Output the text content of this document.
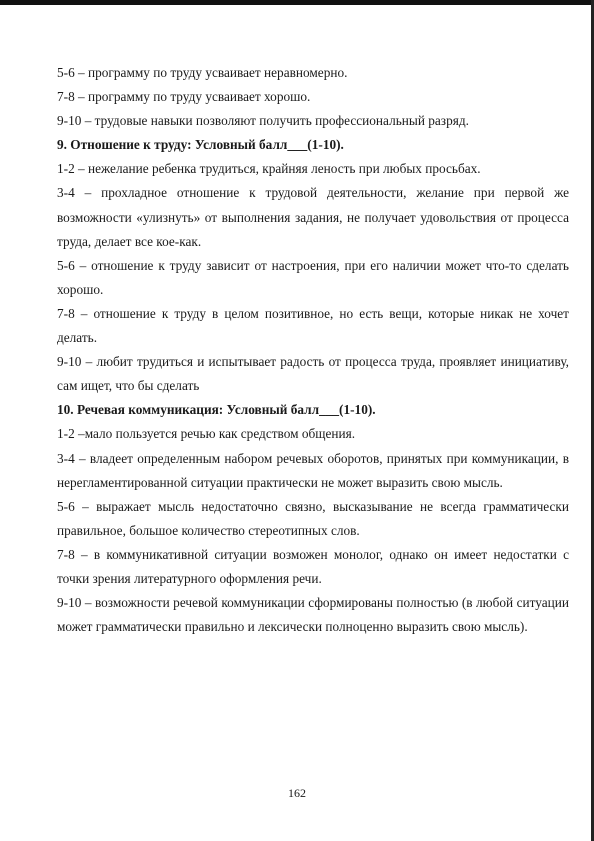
5-6 – программу по труду усваивает неравномерно.

7-8 – программу по труду усваивает хорошо.

9-10 – трудовые навыки позволяют получить профессиональный разряд.

9. Отношение к труду: Условный балл___(1-10).

1-2 – нежелание ребенка трудиться, крайняя леность при любых просьбах.

3-4 – прохладное отношение к трудовой деятельности, желание при первой же возможности «улизнуть» от выполнения задания, не получает удовольствия от процесса труда, делает все кое-как.

5-6 – отношение к труду зависит от настроения, при его наличии может что-то сделать хорошо.

7-8 – отношение к труду в целом позитивное, но есть вещи, которые никак не хочет делать.

9-10 – любит трудиться и испытывает радость от процесса труда, проявляет инициативу, сам ищет, что бы сделать

10. Речевая коммуникация: Условный балл___(1-10).

1-2 –мало пользуется речью как средством общения.

3-4 – владеет определенным набором речевых оборотов, принятых при коммуникации, в нерегламентированной ситуации практически не может выразить свою мысль.

5-6 – выражает мысль недостаточно связно, высказывание не всегда грамматически правильное, большое количество стереотипных слов.

7-8 – в коммуникативной ситуации возможен монолог, однако он имеет недостатки с точки зрения литературного оформления речи.

9-10 – возможности речевой коммуникации сформированы полностью (в любой ситуации может грамматически правильно и лексически полноценно выразить свою мысль).

162
